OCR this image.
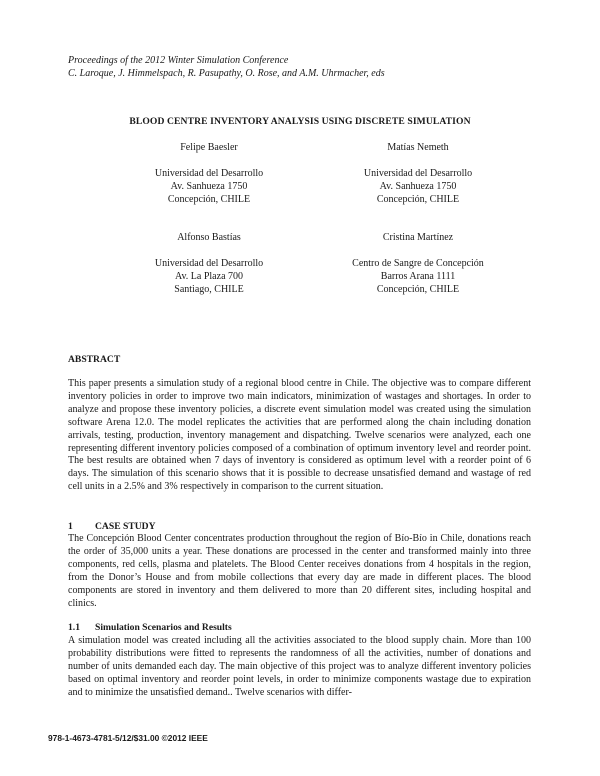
Proceedings of the 2012 Winter Simulation Conference
C. Laroque, J. Himmelspach, R. Pasupathy, O. Rose, and A.M. Uhrmacher, eds
BLOOD CENTRE INVENTORY ANALYSIS USING DISCRETE SIMULATION
Felipe Baesler
Universidad del Desarrollo
Av. Sanhueza 1750
Concepción, CHILE
Matías Nemeth
Universidad del Desarrollo
Av. Sanhueza 1750
Concepción, CHILE
Alfonso Bastías
Universidad del Desarrollo
Av. La Plaza 700
Santiago, CHILE
Cristina Martínez
Centro de Sangre de Concepción
Barros Arana 1111
Concepción, CHILE
ABSTRACT

This paper presents a simulation study of a regional blood centre in Chile. The objective was to compare different inventory policies in order to improve two main indicators, minimization of wastages and shortages. In order to analyze and propose these inventory policies, a discrete event simulation model was created using the simulation software Arena 12.0. The model replicates the activities that are performed along the chain including donation arrivals, testing, production, inventory management and dispatching. Twelve scenarios were analyzed, each one representing different inventory policies composed of a combination of optimum inventory level and reorder point. The best results are obtained when 7 days of inventory is considered as optimum level with a reorder point of 6 days. The simulation of this scenario shows that it is possible to decrease unsatisfied demand and wastage of red cell units in a 2.5% and 3% respectively in comparison to the current situation.

1 CASE STUDY

The Concepción Blood Center concentrates production throughout the region of Bío-Bío in Chile, donations reach the order of 35,000 units a year. These donations are processed in the center and transformed mainly into three components, red cells, plasma and platelets. The Blood Center receives donations from 4 hospitals in the region, from the Donor’s House and from mobile collections that every day are made in different places. The blood components are stored in inventory and them delivered to more than 20 different sites, including hospital and clinics.

1.1 Simulation Scenarios and Results

A simulation model was created including all the activities associated to the blood supply chain. More than 100 probability distributions were fitted to represents the randomness of all the activities, number of donations and number of units demanded each day. The main objective of this project was to analyze different inventory policies based on optimal inventory and reorder point levels, in order to minimize components wastage due to expiration and to minimize the unsatisfied demand.. Twelve scenarios with differ-

978-1-4673-4781-5/12/$31.00 ©2012 IEEE
